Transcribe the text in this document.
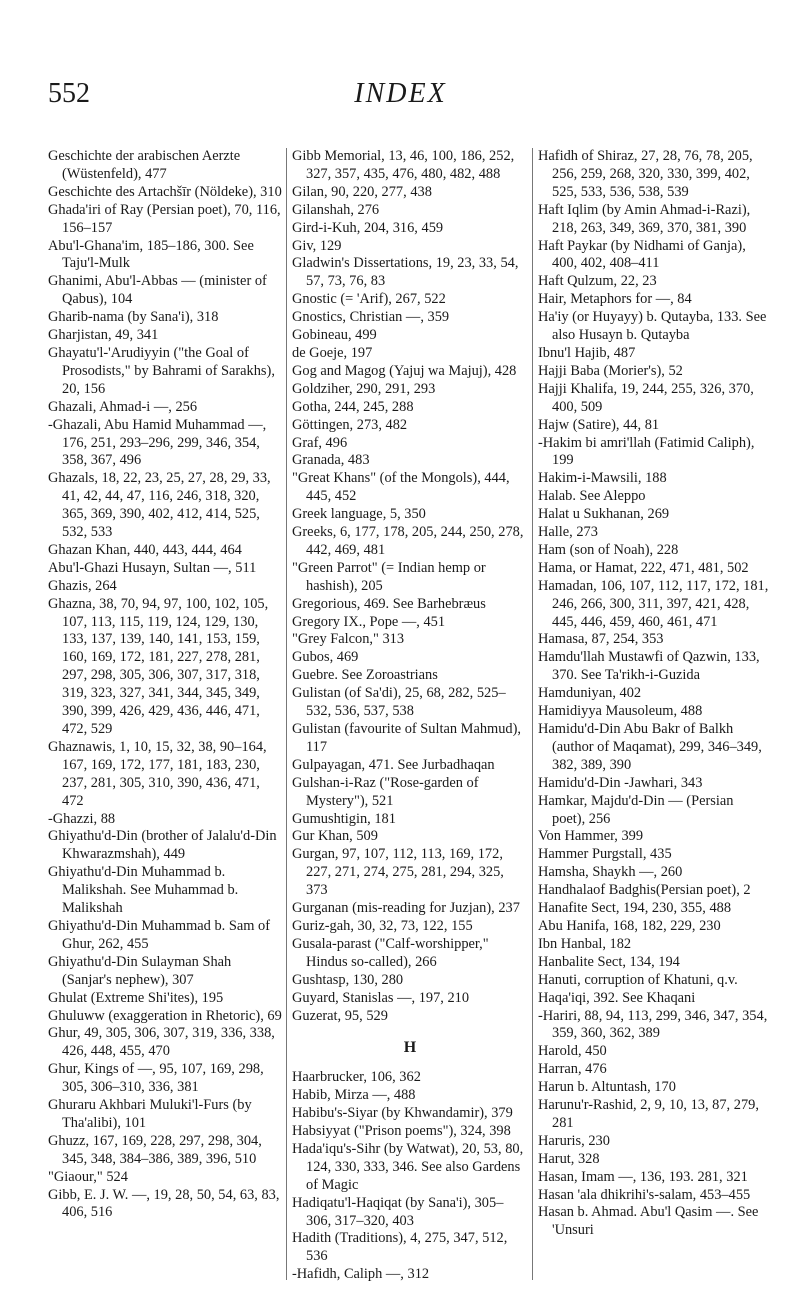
552	INDEX

Geschichte der arabischen Aerzte (Wüstenfeld), 477

Geschichte des Artachšīr (Nöldeke), 310

Ghada'iri of Ray (Persian poet), 70, 116, 156–157

Abu'l-Ghana'im, 185–186, 300. See Taju'l-Mulk

Ghanimi, Abu'l-Abbas — (minister of Qabus), 104

Gharib-nama (by Sana'i), 318

Gharjistan, 49, 341

Ghayatu'l-'Arudiyyin ("the Goal of Prosodists," by Bahrami of Sarakhs), 20, 156

Ghazali, Ahmad-i —, 256

-Ghazali, Abu Hamid Muhammad —, 176, 251, 293–296, 299, 346, 354, 358, 367, 496

Ghazals, 18, 22, 23, 25, 27, 28, 29, 33, 41, 42, 44, 47, 116, 246, 318, 320, 365, 369, 390, 402, 412, 414, 525, 532, 533

Ghazan Khan, 440, 443, 444, 464

Abu'l-Ghazi Husayn, Sultan —, 511

Ghazis, 264

Ghazna, 38, 70, 94, 97, 100, 102, 105, 107, 113, 115, 119, 124, 129, 130, 133, 137, 139, 140, 141, 153, 159, 160, 169, 172, 181, 227, 278, 281, 297, 298, 305, 306, 307, 317, 318, 319, 323, 327, 341, 344, 345, 349, 390, 399, 426, 429, 436, 446, 471, 472, 529

Ghaznawis, 1, 10, 15, 32, 38, 90–164, 167, 169, 172, 177, 181, 183, 230, 237, 281, 305, 310, 390, 436, 471, 472

-Ghazzi, 88

Ghiyathu'd-Din (brother of Jalalu'd-Din Khwarazmshah), 449

Ghiyathu'd-Din Muhammad b. Malikshah. See Muhammad b. Malikshah

Ghiyathu'd-Din Muhammad b. Sam of Ghur, 262, 455

Ghiyathu'd-Din Sulayman Shah (Sanjar's nephew), 307

Ghulat (Extreme Shi'ites), 195

Ghuluww (exaggeration in Rhetoric), 69

Ghur, 49, 305, 306, 307, 319, 336, 338, 426, 448, 455, 470

Ghur, Kings of —, 95, 107, 169, 298, 305, 306–310, 336, 381

Ghuraru Akhbari Muluki'l-Furs (by Tha'alibi), 101

Ghuzz, 167, 169, 228, 297, 298, 304, 345, 348, 384–386, 389, 396, 510

"Giaour," 524

Gibb, E. J. W. —, 19, 28, 50, 54, 63, 83, 406, 516

Gibb Memorial, 13, 46, 100, 186, 252, 327, 357, 435, 476, 480, 482, 488

Gilan, 90, 220, 277, 438

Gilanshah, 276

Gird-i-Kuh, 204, 316, 459

Giv, 129

Gladwin's Dissertations, 19, 23, 33, 54, 57, 73, 76, 83

Gnostic (= 'Arif), 267, 522

Gnostics, Christian —, 359

Gobineau, 499

de Goeje, 197

Gog and Magog (Yajuj wa Majuj), 428

Goldziher, 290, 291, 293

Gotha, 244, 245, 288

Göttingen, 273, 482

Graf, 496

Granada, 483

"Great Khans" (of the Mongols), 444, 445, 452

Greek language, 5, 350

Greeks, 6, 177, 178, 205, 244, 250, 278, 442, 469, 481

"Green Parrot" (= Indian hemp or hashish), 205

Gregorious, 469. See Barhebræus

Gregory IX., Pope —, 451

"Grey Falcon," 313

Gubos, 469

Guebre. See Zoroastrians

Gulistan (of Sa'di), 25, 68, 282, 525–532, 536, 537, 538

Gulistan (favourite of Sultan Mahmud), 117

Gulpayagan, 471. See Jurbadhaqan

Gulshan-i-Raz ("Rose-garden of Mystery"), 521

Gumushtigin, 181

Gur Khan, 509

Gurgan, 97, 107, 112, 113, 169, 172, 227, 271, 274, 275, 281, 294, 325, 373

Gurganan (mis-reading for Juzjan), 237

Guriz-gah, 30, 32, 73, 122, 155

Gusala-parast ("Calf-worshipper," Hindus so-called), 266

Gushtasp, 130, 280

Guyard, Stanislas —, 197, 210

Guzerat, 95, 529

H

Haarbrucker, 106, 362

Habib, Mirza —, 488

Habibu's-Siyar (by Khwandamir), 379

Habsiyyat ("Prison poems"), 324, 398

Hada'iqu's-Sihr (by Watwat), 20, 53, 80, 124, 330, 333, 346. See also Gardens of Magic

Hadiqatu'l-Haqiqat (by Sana'i), 305–306, 317–320, 403

Hadith (Traditions), 4, 275, 347, 512, 536

-Hafidh, Caliph —, 312

Hafidh of Shiraz, 27, 28, 76, 78, 205, 256, 259, 268, 320, 330, 399, 402, 525, 533, 536, 538, 539

Haft Iqlim (by Amin Ahmad-i-Razi), 218, 263, 349, 369, 370, 381, 390

Haft Paykar (by Nidhami of Ganja), 400, 402, 408–411

Haft Qulzum, 22, 23

Hair, Metaphors for —, 84

Ha'iy (or Huyayy) b. Qutayba, 133. See also Husayn b. Qutayba

Ibnu'l Hajib, 487

Hajji Baba (Morier's), 52

Hajji Khalifa, 19, 244, 255, 326, 370, 400, 509

Hajw (Satire), 44, 81

-Hakim bi amri'llah (Fatimid Caliph), 199

Hakim-i-Mawsili, 188

Halab. See Aleppo

Halat u Sukhanan, 269

Halle, 273

Ham (son of Noah), 228

Hama, or Hamat, 222, 471, 481, 502

Hamadan, 106, 107, 112, 117, 172, 181, 246, 266, 300, 311, 397, 421, 428, 445, 446, 459, 460, 461, 471

Hamasa, 87, 254, 353

Hamdu'llah Mustawfi of Qazwin, 133, 370. See Ta'rikh-i-Guzida

Hamduniyan, 402

Hamidiyya Mausoleum, 488

Hamidu'd-Din Abu Bakr of Balkh (author of Maqamat), 299, 346–349, 382, 389, 390

Hamidu'd-Din -Jawhari, 343

Hamkar, Majdu'd-Din — (Persian poet), 256

Von Hammer, 399

Hammer Purgstall, 435

Hamsha, Shaykh —, 260

Handhalaof Badghis(Persian poet), 2

Hanafite Sect, 194, 230, 355, 488

Abu Hanifa, 168, 182, 229, 230

Ibn Hanbal, 182

Hanbalite Sect, 134, 194

Hanuti, corruption of Khatuni, q.v.

Haqa'iqi, 392. See Khaqani

-Hariri, 88, 94, 113, 299, 346, 347, 354, 359, 360, 362, 389

Harold, 450

Harran, 476

Harun b. Altuntash, 170

Harunu'r-Rashid, 2, 9, 10, 13, 87, 279, 281

Haruris, 230

Harut, 328

Hasan, Imam —, 136, 193. 281, 321

Hasan 'ala dhikrihi's-salam, 453–455

Hasan b. Ahmad. Abu'l Qasim —. See 'Unsuri
